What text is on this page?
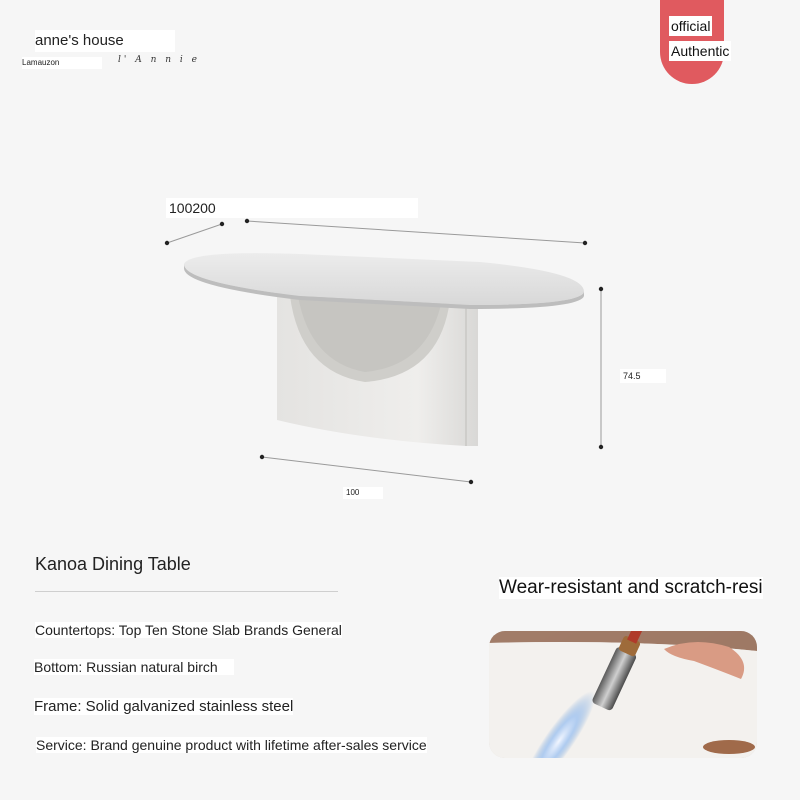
anne's house
Lamauzon	l' A n n i e
official
Authentic
100200
74.5
100
Kanoa Dining Table
Countertops: Top Ten Stone Slab Brands General
Bottom: Russian natural birch
Frame: Solid galvanized stainless steel
Service: Brand genuine product with lifetime after-sales service
Wear-resistant and scratch-resi
